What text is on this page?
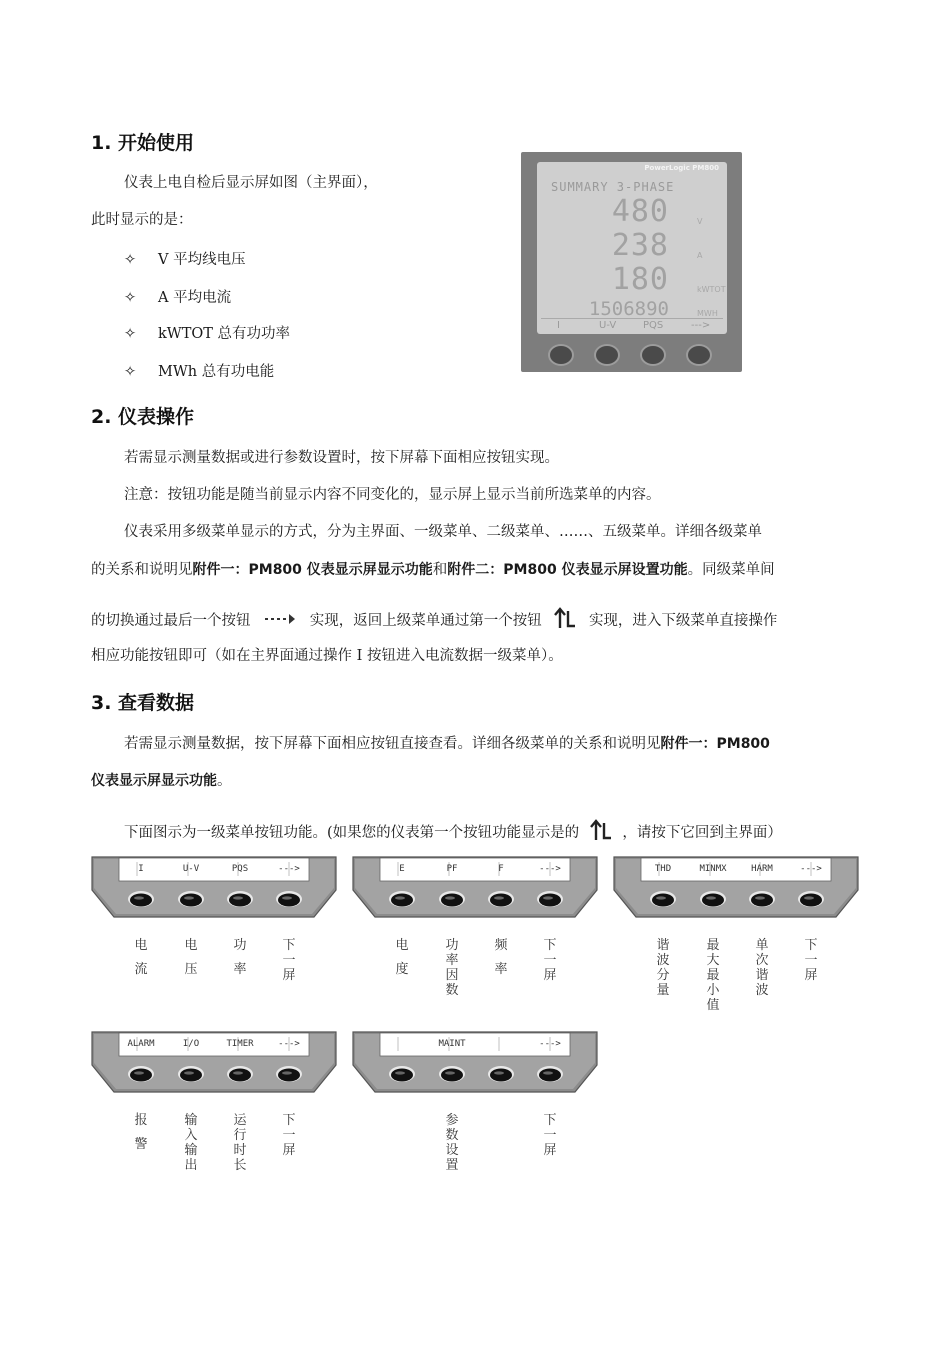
1. 开始使用
仪表上电自检后显示屏如图（主界面），
此时显示的是：
✧ V 平均线电压
✧ A 平均电流
✧ kWTOT 总有功功率
✧ MWh 总有功电能
PowerLogic PM800
SUMMARY 3-PHASE
480	V
238	A
180	kWTOT
1506890	MWH
I	U-V	PQS	--->
2. 仪表操作
若需显示测量数据或进行参数设置时，按下屏幕下面相应按钮实现。
注意：按钮功能是随当前显示内容不同变化的，显示屏上显示当前所选菜单的内容。
仪表采用多级菜单显示的方式，分为主界面、一级菜单、二级菜单、……、五级菜单。详细各级菜单
的关系和说明见附件一：PM800 仪表显示屏显示功能和附件二：PM800 仪表显示屏设置功能。同级菜单间
的切换通过最后一个按钮	实现，返回上级菜单通过第一个按钮	实现，进入下级菜单直接操作
相应功能按钮即可（如在主界面通过操作 I 按钮进入电流数据一级菜单）。
3. 查看数据
若需显示测量数据，按下屏幕下面相应按钮直接查看。详细各级菜单的关系和说明见附件一：PM800
仪表显示屏显示功能。
下面图示为一级菜单按钮功能。(如果您的仪表第一个按钮功能显示是的	，请按下它回到主界面）
I	U-V	PQS	--->
电流
电压
功率
下一屏
E	PF	F	--->
电度
功率因数
频率
下一屏
THD	MINMX	HARM	--->
谐波分量
最大最小值
单次谐波
下一屏
ALARM	I/O	TIMER	--->
报警
输入输出
运行时长
下一屏
MAINT	--->
参数设置
下一屏
